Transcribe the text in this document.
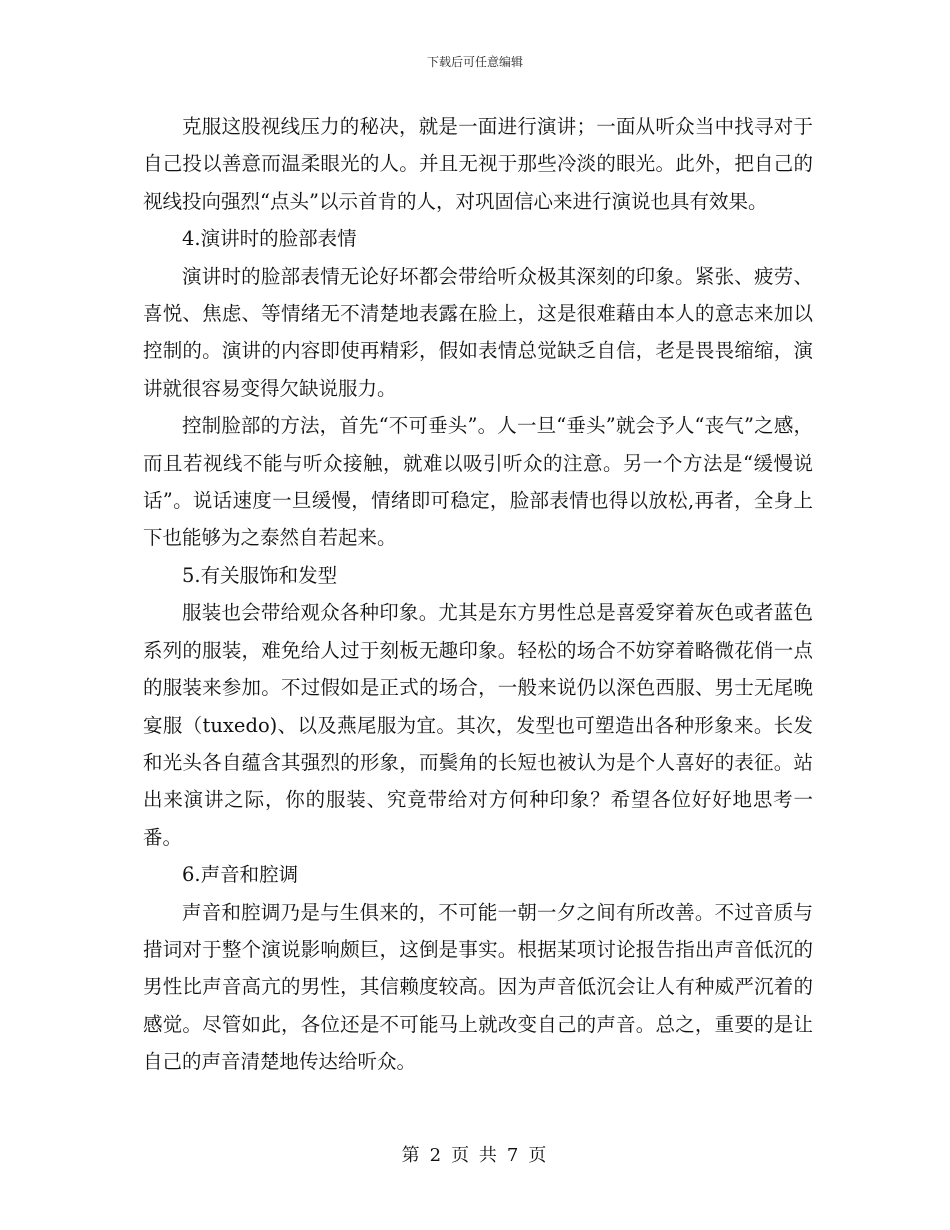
下载后可任意编辑

克服这股视线压力的秘决，就是一面进行演讲；一面从听众当中找寻对于自己投以善意而温柔眼光的人。并且无视于那些冷淡的眼光。此外，把自己的视线投向强烈“点头”以示首肯的人，对巩固信心来进行演说也具有效果。

4.演讲时的脸部表情

演讲时的脸部表情无论好坏都会带给听众极其深刻的印象。紧张、疲劳、喜悦、焦虑、等情绪无不清楚地表露在脸上，这是很难藉由本人的意志来加以控制的。演讲的内容即使再精彩，假如表情总觉缺乏自信，老是畏畏缩缩，演讲就很容易变得欠缺说服力。

控制脸部的方法，首先“不可垂头”。人一旦“垂头”就会予人“丧气”之感，而且若视线不能与听众接触，就难以吸引听众的注意。另一个方法是“缓慢说话”。说话速度一旦缓慢，情绪即可稳定，脸部表情也得以放松,再者，全身上下也能够为之泰然自若起来。

5.有关服饰和发型

服装也会带给观众各种印象。尤其是东方男性总是喜爱穿着灰色或者蓝色系列的服装，难免给人过于刻板无趣印象。轻松的场合不妨穿着略微花俏一点的服装来参加。不过假如是正式的场合，一般来说仍以深色西服、男士无尾晚宴服（tuxedo)、以及燕尾服为宜。其次，发型也可塑造出各种形象来。长发和光头各自蕴含其强烈的形象，而鬓角的长短也被认为是个人喜好的表征。站出来演讲之际，你的服装、究竟带给对方何种印象？希望各位好好地思考一番。

6.声音和腔调

声音和腔调乃是与生俱来的，不可能一朝一夕之间有所改善。不过音质与措词对于整个演说影响颇巨，这倒是事实。根据某项讨论报告指出声音低沉的男性比声音高亢的男性，其信赖度较高。因为声音低沉会让人有种威严沉着的感觉。尽管如此，各位还是不可能马上就改变自己的声音。总之，重要的是让自己的声音清楚地传达给听众。

第 2 页 共 7 页
